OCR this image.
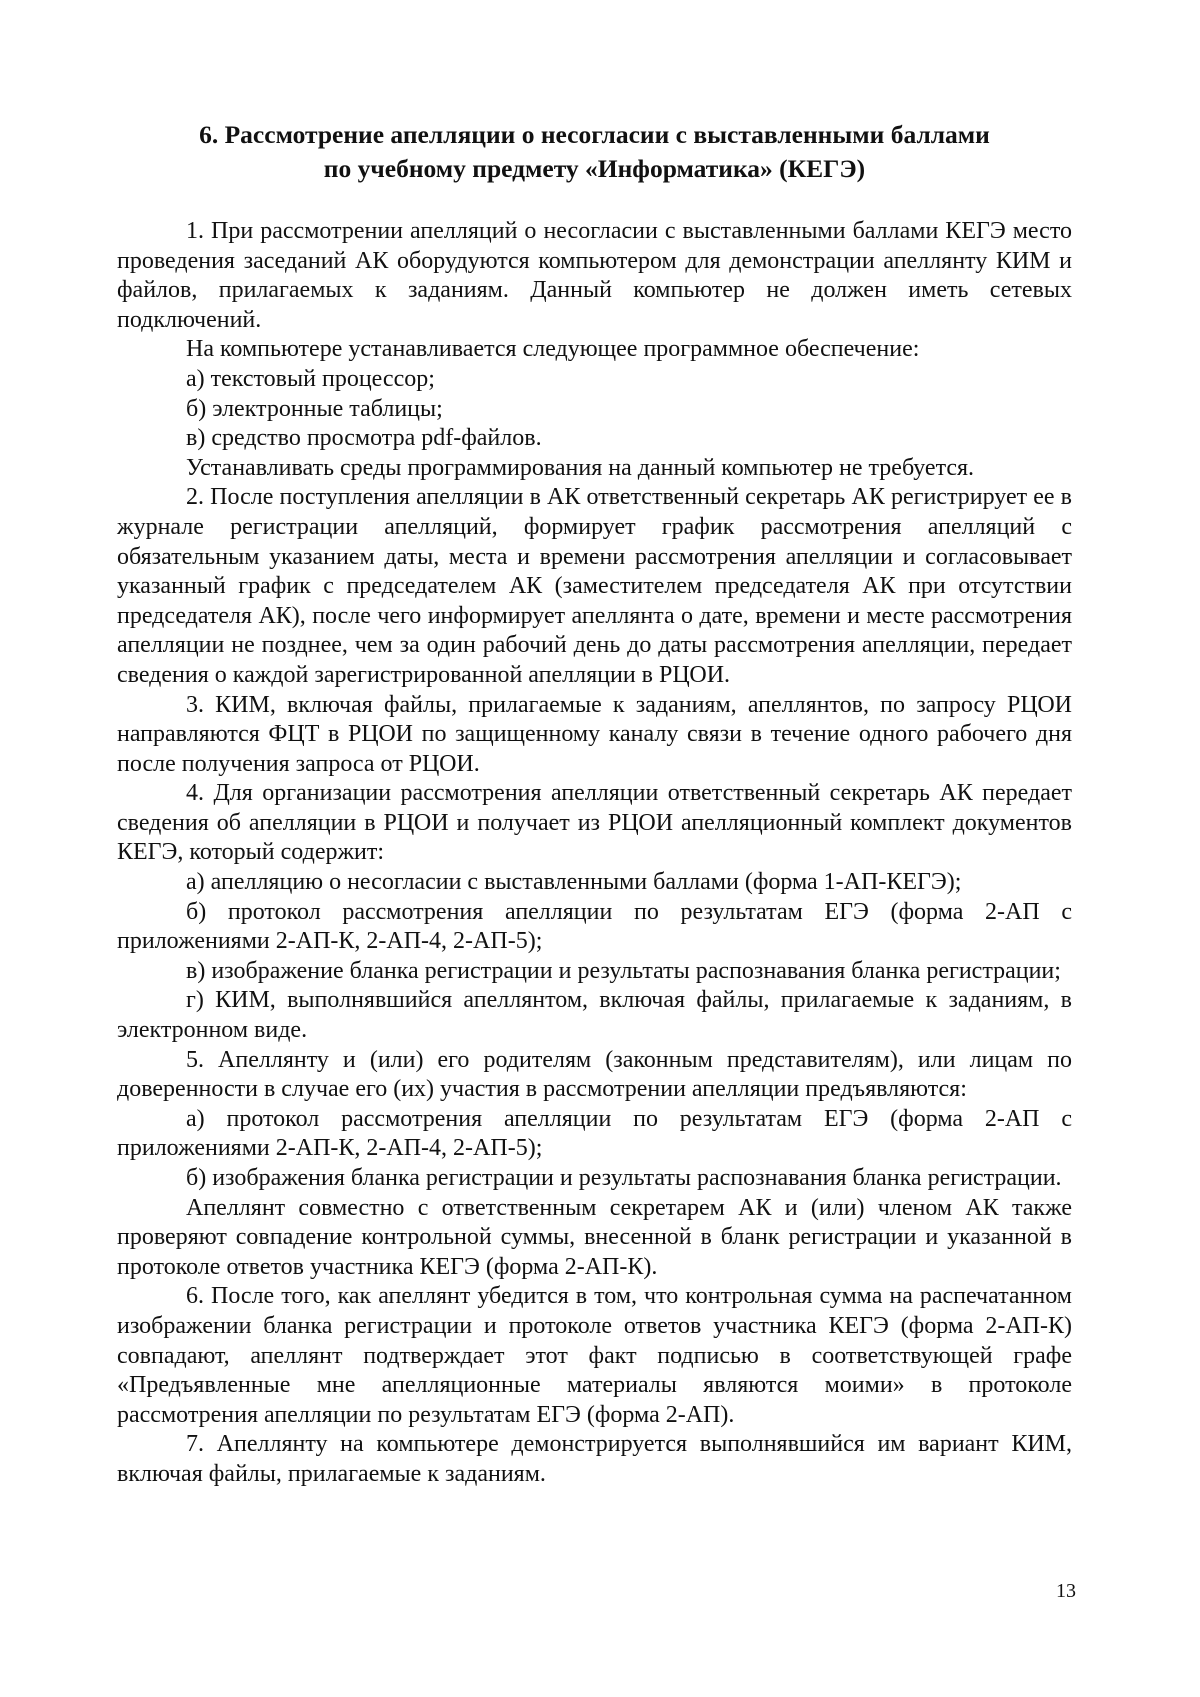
6. Рассмотрение апелляции о несогласии с выставленными баллами
по учебному предмету «Информатика» (КЕГЭ)

1. При рассмотрении апелляций о несогласии с выставленными баллами КЕГЭ место проведения заседаний АК оборудуются компьютером для демонстрации апеллянту КИМ и файлов, прилагаемых к заданиям. Данный компьютер не должен иметь сетевых подключений.

На компьютере устанавливается следующее программное обеспечение:

а) текстовый процессор;

б) электронные таблицы;

в) средство просмотра pdf-файлов.

Устанавливать среды программирования на данный компьютер не требуется.

2. После поступления апелляции в АК ответственный секретарь АК регистрирует ее в журнале регистрации апелляций, формирует график рассмотрения апелляций с обязательным указанием даты, места и времени рассмотрения апелляции и согласовывает указанный график с председателем АК (заместителем председателя АК при отсутствии председателя АК), после чего информирует апеллянта о дате, времени и месте рассмотрения апелляции не позднее, чем за один рабочий день до даты рассмотрения апелляции, передает сведения о каждой зарегистрированной апелляции в РЦОИ.

3. КИМ, включая файлы, прилагаемые к заданиям, апеллянтов, по запросу РЦОИ направляются ФЦТ в РЦОИ по защищенному каналу связи в течение одного рабочего дня после получения запроса от РЦОИ.

4. Для организации рассмотрения апелляции ответственный секретарь АК передает сведения об апелляции в РЦОИ и получает из РЦОИ апелляционный комплект документов КЕГЭ, который содержит:

а) апелляцию о несогласии с выставленными баллами (форма 1-АП-КЕГЭ);

б) протокол рассмотрения апелляции по результатам ЕГЭ (форма 2-АП с приложениями 2-АП-К, 2-АП-4, 2-АП-5);

в) изображение бланка регистрации и результаты распознавания бланка регистрации;

г) КИМ, выполнявшийся апеллянтом, включая файлы, прилагаемые к заданиям, в электронном виде.

5. Апеллянту и (или) его родителям (законным представителям), или лицам по доверенности в случае его (их) участия в рассмотрении апелляции предъявляются:

а) протокол рассмотрения апелляции по результатам ЕГЭ (форма 2-АП с приложениями 2-АП-К, 2-АП-4, 2-АП-5);

б) изображения бланка регистрации и результаты распознавания бланка регистрации.

Апеллянт совместно с ответственным секретарем АК и (или) членом АК также проверяют совпадение контрольной суммы, внесенной в бланк регистрации и указанной в протоколе ответов участника КЕГЭ (форма 2-АП-К).

6. После того, как апеллянт убедится в том, что контрольная сумма на распечатанном изображении бланка регистрации и протоколе ответов участника КЕГЭ (форма 2-АП-К) совпадают, апеллянт подтверждает этот факт подписью в соответствующей графе «Предъявленные мне апелляционные материалы являются моими» в протоколе рассмотрения апелляции по результатам ЕГЭ (форма 2-АП).

7. Апеллянту на компьютере демонстрируется выполнявшийся им вариант КИМ, включая файлы, прилагаемые к заданиям.

13
